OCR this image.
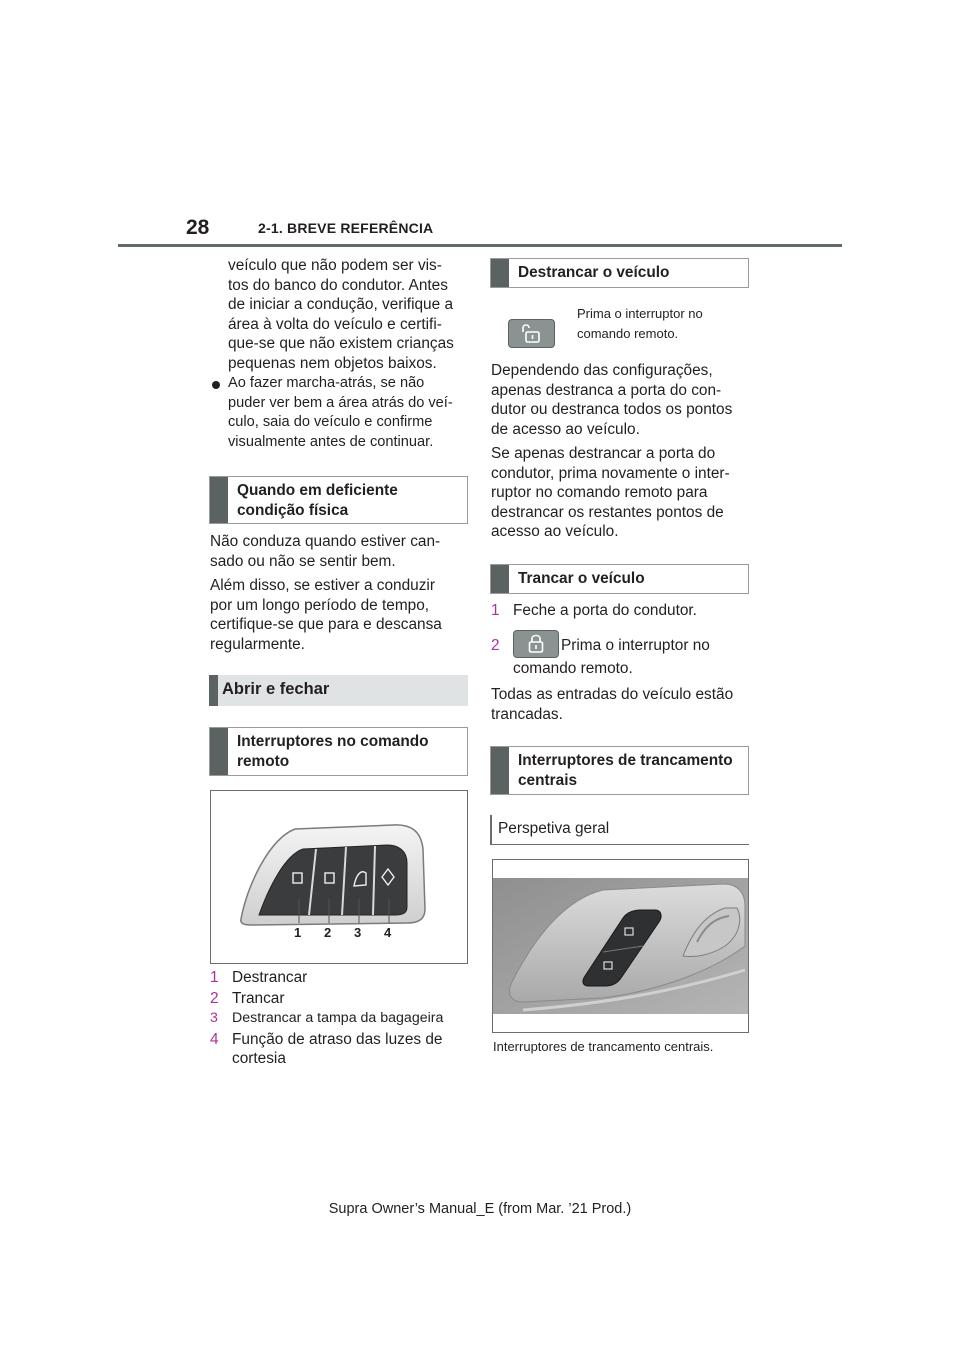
28	2-1. BREVE REFERÊNCIA
veículo que não podem ser vis-
tos do banco do condutor. Antes
de iniciar a condução, verifique a
área à volta do veículo e certifi-
que-se que não existem crianças
pequenas nem objetos baixos.
Ao fazer marcha-atrás, se não
puder ver bem a área atrás do veí-
culo, saia do veículo e confirme
visualmente antes de continuar.
Quando em deficiente
condição física
Não conduza quando estiver can-
sado ou não se sentir bem.
Além disso, se estiver a conduzir
por um longo período de tempo,
certifique-se que para e descansa
regularmente.
Abrir e fechar
Interruptores no comando
remoto
1 2 3 4
1 Destrancar
2 Trancar
3 Destrancar a tampa da bagageira
4 Função de atraso das luzes de
cortesia
Destrancar o veículo
Prima o interruptor no
comando remoto.
Dependendo das configurações,
apenas destranca a porta do con-
dutor ou destranca todos os pontos
de acesso ao veículo.
Se apenas destrancar a porta do
condutor, prima novamente o inter-
ruptor no comando remoto para
destrancar os restantes pontos de
acesso ao veículo.
Trancar o veículo
1 Feche a porta do condutor.
2	Prima o interruptor no
comando remoto.
Todas as entradas do veículo estão
trancadas.
Interruptores de trancamento
centrais
Perspetiva geral
Interruptores de trancamento centrais.
Supra Owner’s Manual_E (from Mar. ’21 Prod.)
